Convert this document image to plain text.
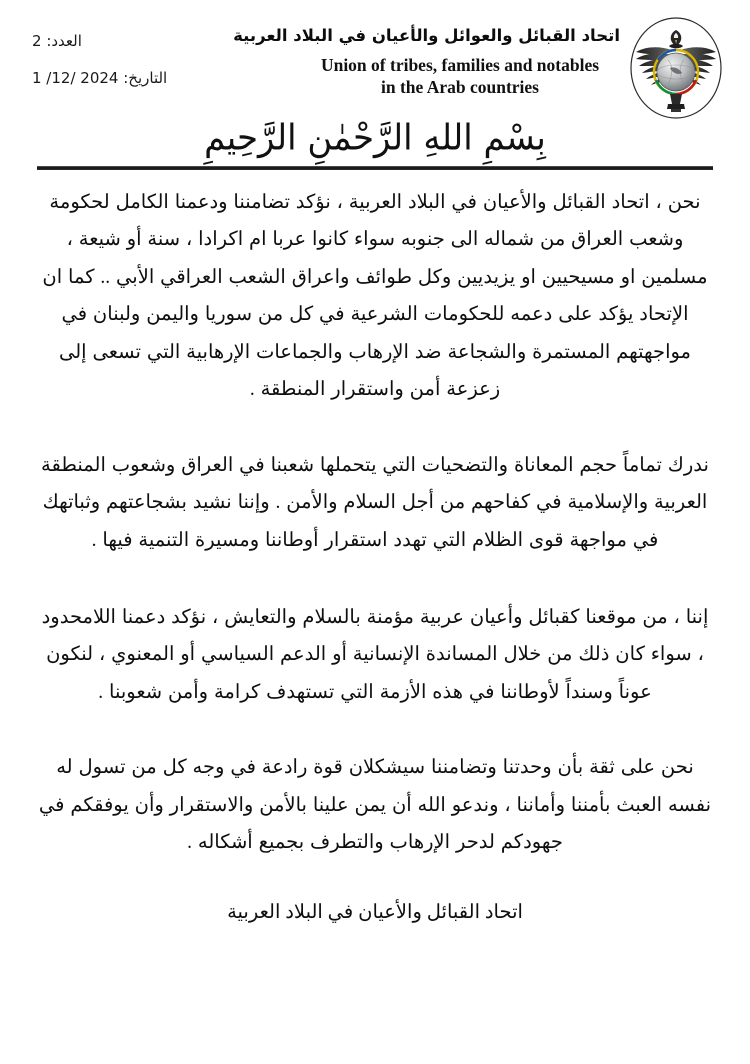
اتحاد القبائل والعوائل والأعيان في البلاد العربية
Union of tribes, families and notables
in the Arab countries
العدد: 2
التاريخ: 1 /12/ 2024
بِسْمِ اللهِ الرَّحْمٰنِ الرَّحِيمِ

نحن ، اتحاد القبائل والأعيان في البلاد العربية ، نؤكد تضامننا ودعمنا الكامل لحكومة وشعب العراق من شماله الى جنوبه سواء كانوا عربا ام اكرادا ، سنة أو شيعة ، مسلمين او مسيحيين او يزيديين وكل طوائف واعراق الشعب العراقي الأبي .. كما ان الإتحاد يؤكد على دعمه للحكومات الشرعية في كل من سوريا واليمن ولبنان في مواجهتهم المستمرة والشجاعة ضد الإرهاب والجماعات الإرهابية التي تسعى إلى زعزعة أمن واستقرار المنطقة .

ندرك تماماً حجم المعاناة والتضحيات التي يتحملها شعبنا في العراق وشعوب المنطقة العربية والإسلامية في كفاحهم من أجل السلام والأمن . وإننا نشيد بشجاعتهم وثباتهك في مواجهة قوى الظلام التي تهدد استقرار أوطاننا ومسيرة التنمية فيها .

إننا ، من موقعنا كقبائل وأعيان عربية مؤمنة بالسلام والتعايش ، نؤكد دعمنا اللامحدود ، سواء كان ذلك من خلال المساندة الإنسانية أو الدعم السياسي أو المعنوي ، لنكون عوناً وسنداً لأوطاننا في هذه الأزمة التي تستهدف كرامة وأمن شعوبنا .

نحن على ثقة بأن وحدتنا وتضامننا سيشكلان قوة رادعة في وجه كل من تسول له نفسه العبث بأمننا وأماننا ، وندعو الله أن يمن علينا بالأمن والاستقرار وأن يوفقكم في جهودكم لدحر الإرهاب والتطرف بجميع أشكاله .

اتحاد القبائل والأعيان في البلاد العربية
